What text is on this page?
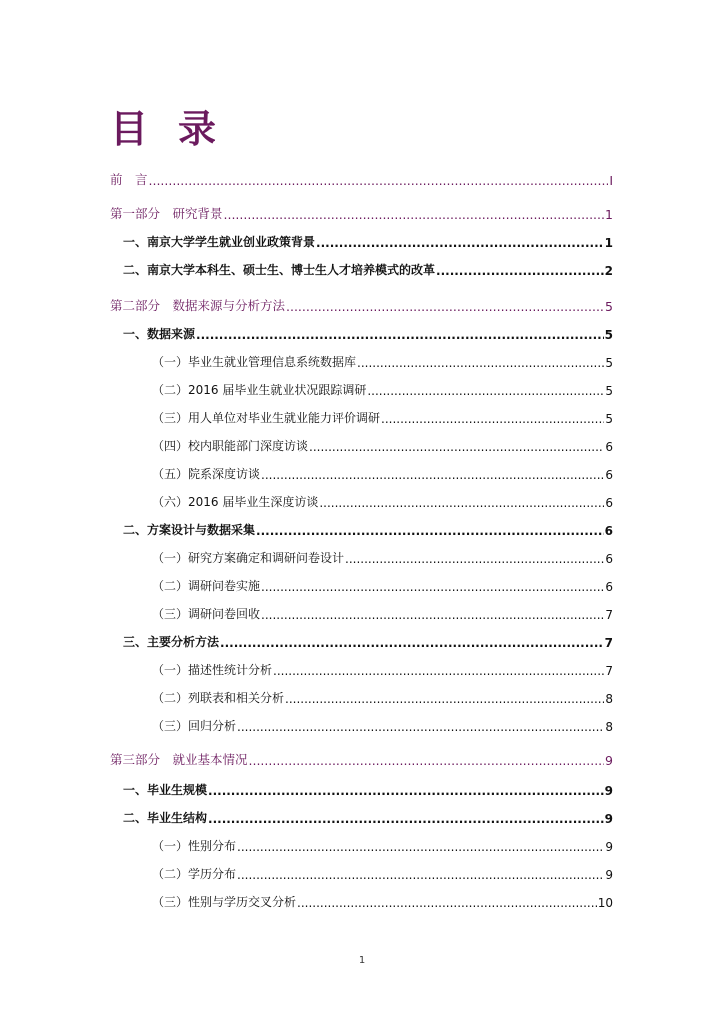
目录
前　言 .....	I
第一部分　研究背景 .....	1
一、南京大学学生就业创业政策背景 .....	1
二、南京大学本科生、硕士生、博士生人才培养模式的改革 .....	2
第二部分　数据来源与分析方法 .....	5
一、数据来源 .....	5
（一）毕业生就业管理信息系统数据库 .....	5
（二）2016 届毕业生就业状况跟踪调研 .....	5
（三）用人单位对毕业生就业能力评价调研 .....	5
（四）校内职能部门深度访谈 .....	6
（五）院系深度访谈 .....	6
（六）2016 届毕业生深度访谈 .....	6
二、方案设计与数据采集 .....	6
（一）研究方案确定和调研问卷设计 .....	6
（二）调研问卷实施 .....	6
（三）调研问卷回收 .....	7
三、主要分析方法 .....	7
（一）描述性统计分析 .....	7
（二）列联表和相关分析 .....	8
（三）回归分析 .....	8
第三部分　就业基本情况 .....	9
一、毕业生规模 .....	9
二、毕业生结构 .....	9
（一）性别分布 .....	9
（二）学历分布 .....	9
（三）性别与学历交叉分析 .....	10
1
